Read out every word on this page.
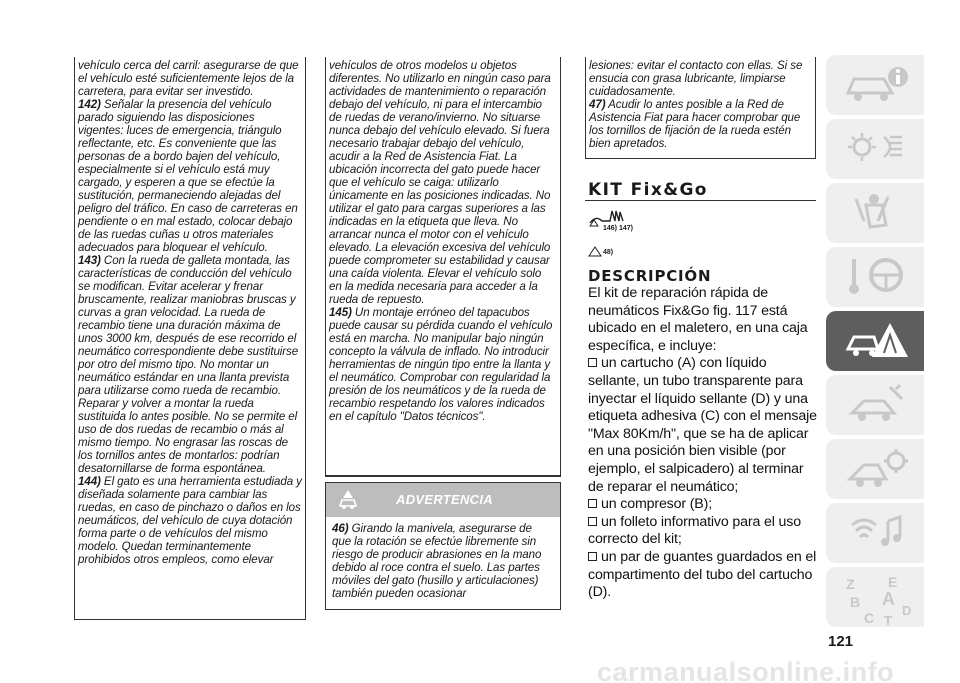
vehículo cerca del carril: asegurarse de que el vehículo esté suficientemente lejos de la carretera, para evitar ser investido.

142) Señalar la presencia del vehículo parado siguiendo las disposiciones vigentes: luces de emergencia, triángulo reflectante, etc. Es conveniente que las personas de a bordo bajen del vehículo, especialmente si el vehículo está muy cargado, y esperen a que se efectúe la sustitución, permaneciendo alejadas del peligro del tráfico. En caso de carreteras en pendiente o en mal estado, colocar debajo de las ruedas cuñas u otros materiales adecuados para bloquear el vehículo.

143) Con la rueda de galleta montada, las características de conducción del vehículo se modifican. Evitar acelerar y frenar bruscamente, realizar maniobras bruscas y curvas a gran velocidad. La rueda de recambio tiene una duración máxima de unos 3000 km, después de ese recorrido el neumático correspondiente debe sustituirse por otro del mismo tipo. No montar un neumático estándar en una llanta prevista para utilizarse como rueda de recambio. Reparar y volver a montar la rueda sustituida lo antes posible. No se permite el uso de dos ruedas de recambio o más al mismo tiempo. No engrasar las roscas de los tornillos antes de montarlos: podrían desatornillarse de forma espontánea.

144) El gato es una herramienta estudiada y diseñada solamente para cambiar las ruedas, en caso de pinchazo o daños en los neumáticos, del vehículo de cuya dotación forma parte o de vehículos del mismo modelo. Quedan terminantemente prohibidos otros empleos, como elevar

vehículos de otros modelos u objetos diferentes. No utilizarlo en ningún caso para actividades de mantenimiento o reparación debajo del vehículo, ni para el intercambio de ruedas de verano/invierno. No situarse nunca debajo del vehículo elevado. Si fuera necesario trabajar debajo del vehículo, acudir a la Red de Asistencia Fiat. La ubicación incorrecta del gato puede hacer que el vehículo se caiga: utilizarlo únicamente en las posiciones indicadas. No utilizar el gato para cargas superiores a las indicadas en la etiqueta que lleva. No arrancar nunca el motor con el vehículo elevado. La elevación excesiva del vehículo puede comprometer su estabilidad y causar una caída violenta. Elevar el vehículo solo en la medida necesaria para acceder a la rueda de repuesto.

145) Un montaje erróneo del tapacubos puede causar su pérdida cuando el vehículo está en marcha. No manipular bajo ningún concepto la válvula de inflado. No introducir herramientas de ningún tipo entre la llanta y el neumático. Comprobar con regularidad la presión de los neumáticos y de la rueda de recambio respetando los valores indicados en el capítulo "Datos técnicos".

ADVERTENCIA

46) Girando la manivela, asegurarse de que la rotación se efectúe libremente sin riesgo de producir abrasiones en la mano debido al roce contra el suelo. Las partes móviles del gato (husillo y articulaciones) también pueden ocasionar

lesiones: evitar el contacto con ellas. Si se ensucia con grasa lubricante, limpiarse cuidadosamente.

47) Acudir lo antes posible a la Red de Asistencia Fiat para hacer comprobar que los tornillos de fijación de la rueda estén bien apretados.

KIT Fix&Go
146) 147)
48)
DESCRIPCIÓN

El kit de reparación rápida de neumáticos Fix&Go fig. 117 está ubicado en el maletero, en una caja específica, e incluye:

un cartucho (A) con líquido sellante, un tubo transparente para inyectar el líquido sellante (D) y una etiqueta adhesiva (C) con el mensaje "Max 80Km/h", que se ha de aplicar en una posición bien visible (por ejemplo, el salpicadero) al terminar de reparar el neumático;

un compresor (B);

un folleto informativo para el uso correcto del kit;

un par de guantes guardados en el compartimento del tubo del cartucho (D).

121
carmanualsonline.info
Z E
B A
C D
T
